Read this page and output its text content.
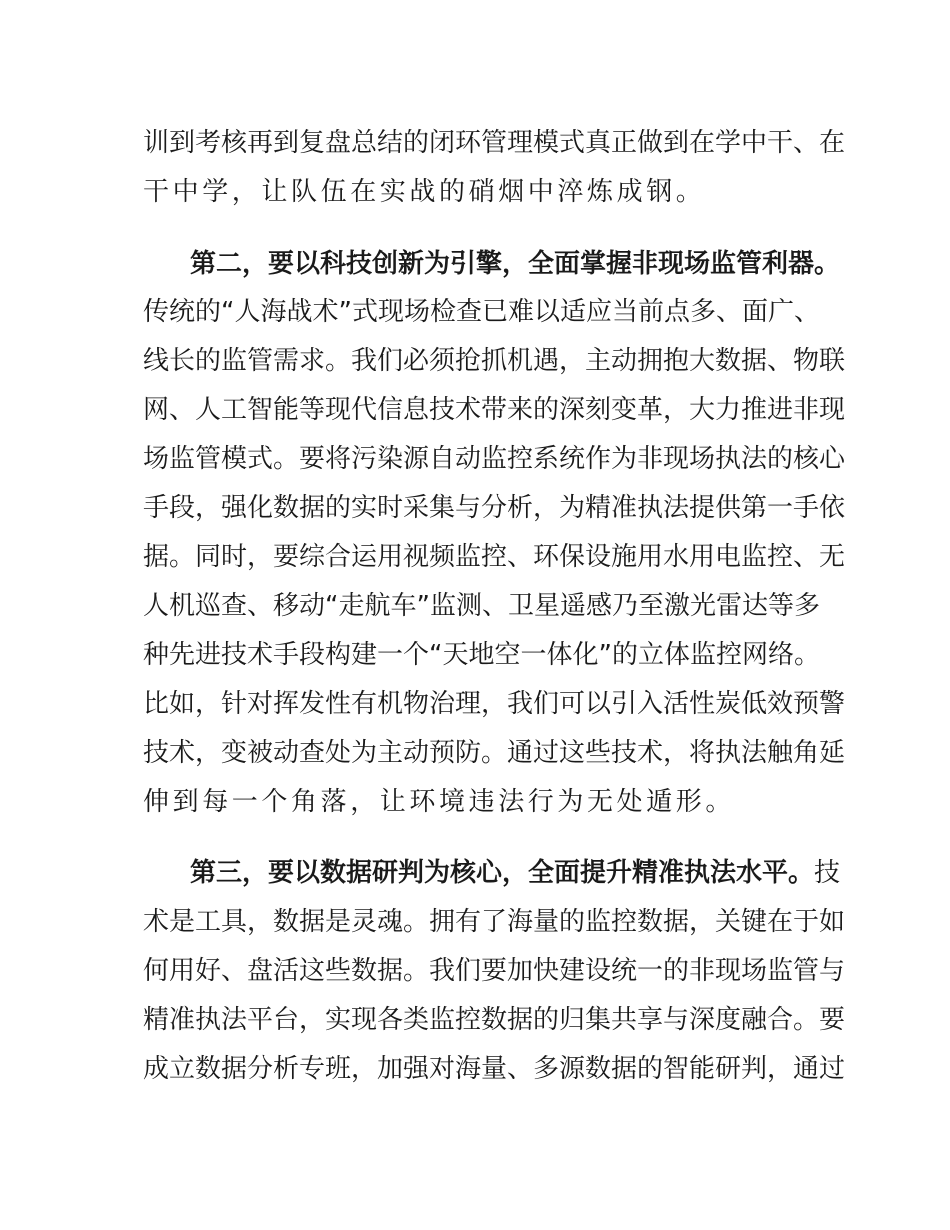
训到考核再到复盘总结的闭环管理模式真正做到在学中干、在
干中学，让队伍在实战的硝烟中淬炼成钢。
第二，要以科技创新为引擎，全面掌握非现场监管利器。
传统的“人海战术”式现场检查已难以适应当前点多、面广、
线长的监管需求。我们必须抢抓机遇，主动拥抱大数据、物联
网、人工智能等现代信息技术带来的深刻变革，大力推进非现
场监管模式。要将污染源自动监控系统作为非现场执法的核心
手段，强化数据的实时采集与分析，为精准执法提供第一手依
据。同时，要综合运用视频监控、环保设施用水用电监控、无
人机巡查、移动“走航车”监测、卫星遥感乃至激光雷达等多
种先进技术手段构建一个“天地空一体化”的立体监控网络。
比如，针对挥发性有机物治理，我们可以引入活性炭低效预警
技术，变被动查处为主动预防。通过这些技术，将执法触角延
伸到每一个角落，让环境违法行为无处遁形。
第三，要以数据研判为核心，全面提升精准执法水平。技
术是工具，数据是灵魂。拥有了海量的监控数据，关键在于如
何用好、盘活这些数据。我们要加快建设统一的非现场监管与
精准执法平台，实现各类监控数据的归集共享与深度融合。要
成立数据分析专班，加强对海量、多源数据的智能研判，通过
